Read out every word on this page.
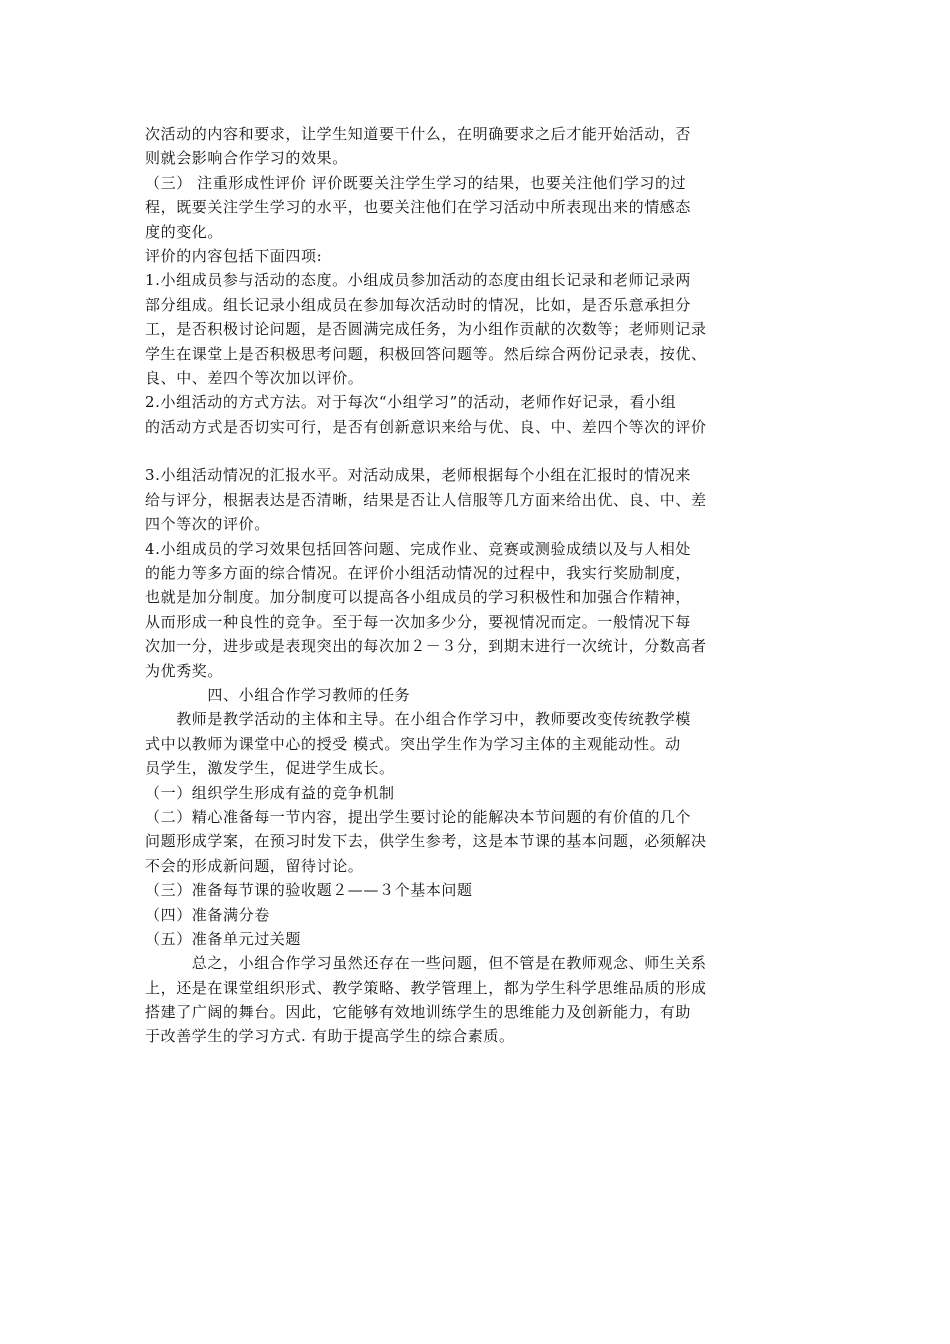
次活动的内容和要求，让学生知道要干什么，在明确要求之后才能开始活动，否
则就会影响合作学习的效果。
（三） 注重形成性评价 评价既要关注学生学习的结果，也要关注他们学习的过
程，既要关注学生学习的水平，也要关注他们在学习活动中所表现出来的情感态
度的变化。
评价的内容包括下面四项:
1.小组成员参与活动的态度。小组成员参加活动的态度由组长记录和老师记录两
部分组成。组长记录小组成员在参加每次活动时的情况，比如，是否乐意承担分
工，是否积极讨论问题，是否圆满完成任务，为小组作贡献的次数等；老师则记录
学生在课堂上是否积极思考问题，积极回答问题等。然后综合两份记录表，按优、
良、中、差四个等次加以评价。
2.小组活动的方式方法。对于每次“小组学习”的活动，老师作好记录，看小组
的活动方式是否切实可行，是否有创新意识来给与优、良、中、差四个等次的评价
3.小组活动情况的汇报水平。对活动成果，老师根据每个小组在汇报时的情况来
给与评分，根据表达是否清晰，结果是否让人信服等几方面来给出优、良、中、差
四个等次的评价。
4.小组成员的学习效果包括回答问题、完成作业、竞赛或测验成绩以及与人相处
的能力等多方面的综合情况。在评价小组活动情况的过程中，我实行奖励制度，
也就是加分制度。加分制度可以提高各小组成员的学习积极性和加强合作精神，
从而形成一种良性的竞争。至于每一次加多少分，要视情况而定。一般情况下每
次加一分，进步或是表现突出的每次加２－３分，到期末进行一次统计，分数高者
为优秀奖。
　　　　四、小组合作学习教师的任务
　　教师是教学活动的主体和主导。在小组合作学习中，教师要改变传统教学模
式中以教师为课堂中心的授受 模式。突出学生作为学习主体的主观能动性。动
员学生，激发学生，促进学生成长。
（一）组织学生形成有益的竞争机制
（二）精心准备每一节内容，提出学生要讨论的能解决本节问题的有价值的几个
问题形成学案，在预习时发下去，供学生参考，这是本节课的基本问题，必须解决
不会的形成新问题，留待讨论。
（三）准备每节课的验收题２——３个基本问题
（四）准备满分卷
（五）准备单元过关题
　　　总之，小组合作学习虽然还存在一些问题，但不管是在教师观念、师生关系
上，还是在课堂组织形式、教学策略、教学管理上，都为学生科学思维品质的形成
搭建了广阔的舞台。因此，它能够有效地训练学生的思维能力及创新能力，有助
于改善学生的学习方式. 有助于提高学生的综合素质。
